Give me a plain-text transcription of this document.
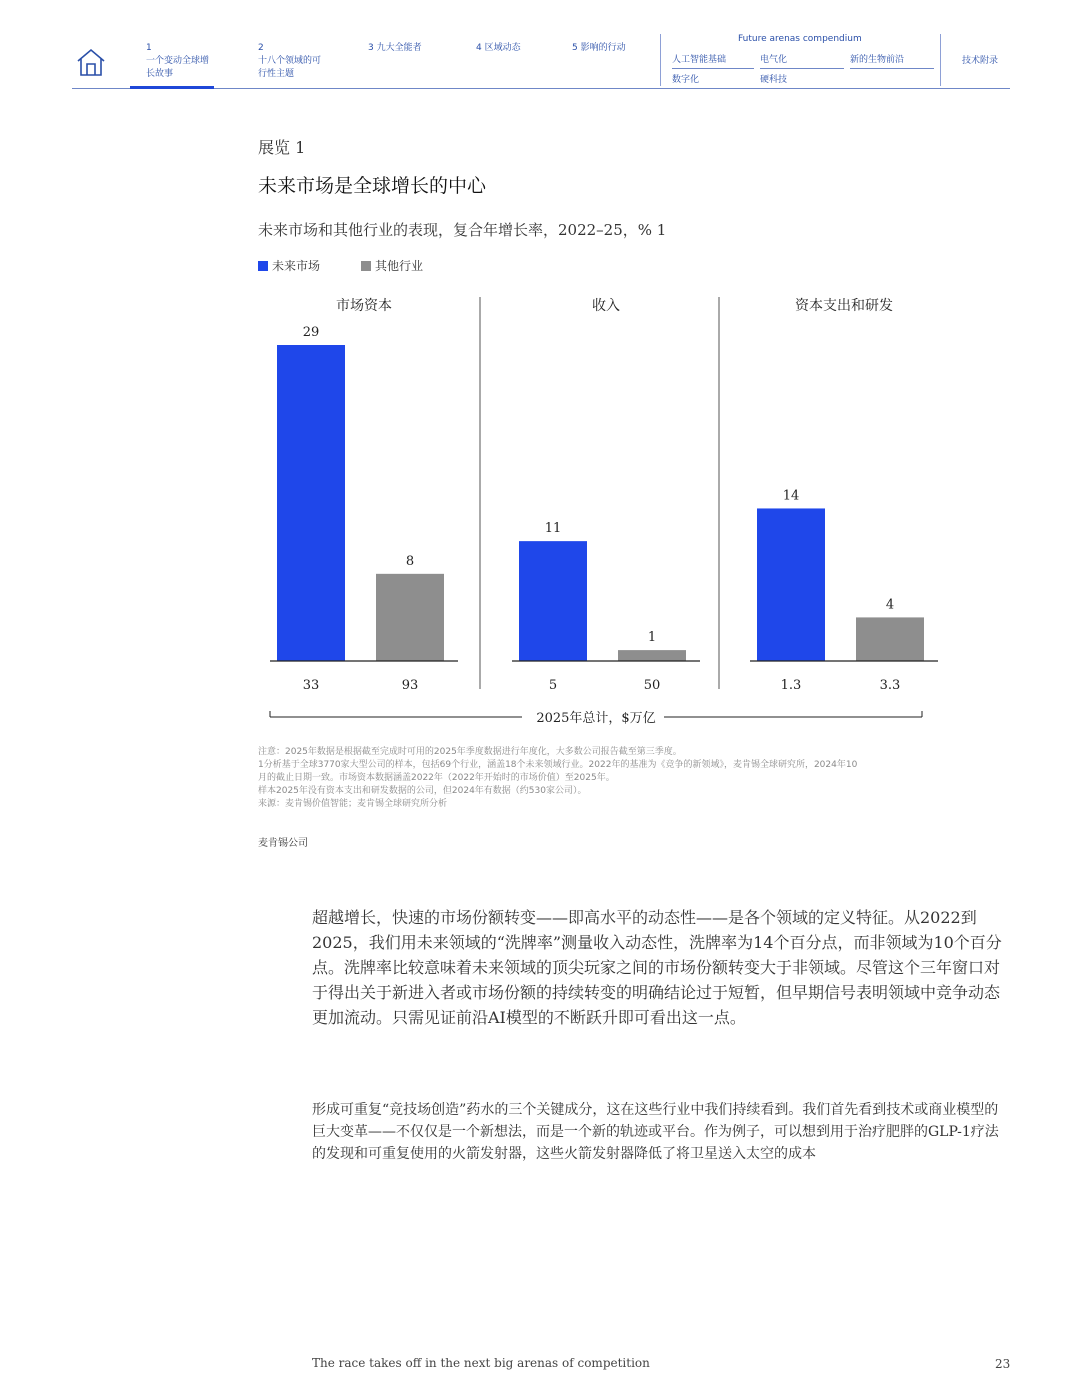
1
一个变动全球增长故事
2
十八个领域的可行性主题
3 九大全能者	4 区域动态	5 影响的行动
Future arenas compendium
人工智能基础	电气化	新的生物前沿
数字化	硬科技
技术附录
展览 1
未来市场是全球增长的中心
未来市场和其他行业的表现，复合年增长率，2022–25，% 1
未来市场	其他行业
市场资本
29
33
8
93
收入
11
5
1
50
资本支出和研发
14
1.3
4
3.3
2025年总计，$万亿

注意：2025年数据是根据截至完成时可用的2025年季度数据进行年度化，大多数公司报告截至第三季度。

1分析基于全球3770家大型公司的样本，包括69个行业，涵盖18个未来领域行业。2022年的基准为《竞争的新领域》，麦肯锡全球研究所，2024年10

月的截止日期一致。市场资本数据涵盖2022年（2022年开始时的市场价值）至2025年。

样本2025年没有资本支出和研发数据的公司，但2024年有数据（约530家公司）。

来源：麦肯锡价值智能；麦肯锡全球研究所分析

麦肯锡公司
超越增长，快速的市场份额转变——即高水平的动态性——是各个领域的定义特征。从2022到2025，我们用未来领域的“洗牌率”测量收入动态性，洗牌率为14个百分点，而非领域为10个百分点。洗牌率比较意味着未来领域的顶尖玩家之间的市场份额转变大于非领域。尽管这个三年窗口对于得出关于新进入者或市场份额的持续转变的明确结论过于短暂，但早期信号表明领域中竞争动态更加流动。只需见证前沿AI模型的不断跃升即可看出这一点。
形成可重复“竞技场创造”药水的三个关键成分，这在这些行业中我们持续看到。我们首先看到技术或商业模型的巨大变革——不仅仅是一个新想法，而是一个新的轨迹或平台。作为例子，可以想到用于治疗肥胖的GLP-1疗法的发现和可重复使用的火箭发射器，这些火箭发射器降低了将卫星送入太空的成本
The race takes off in the next big arenas of competition	23
